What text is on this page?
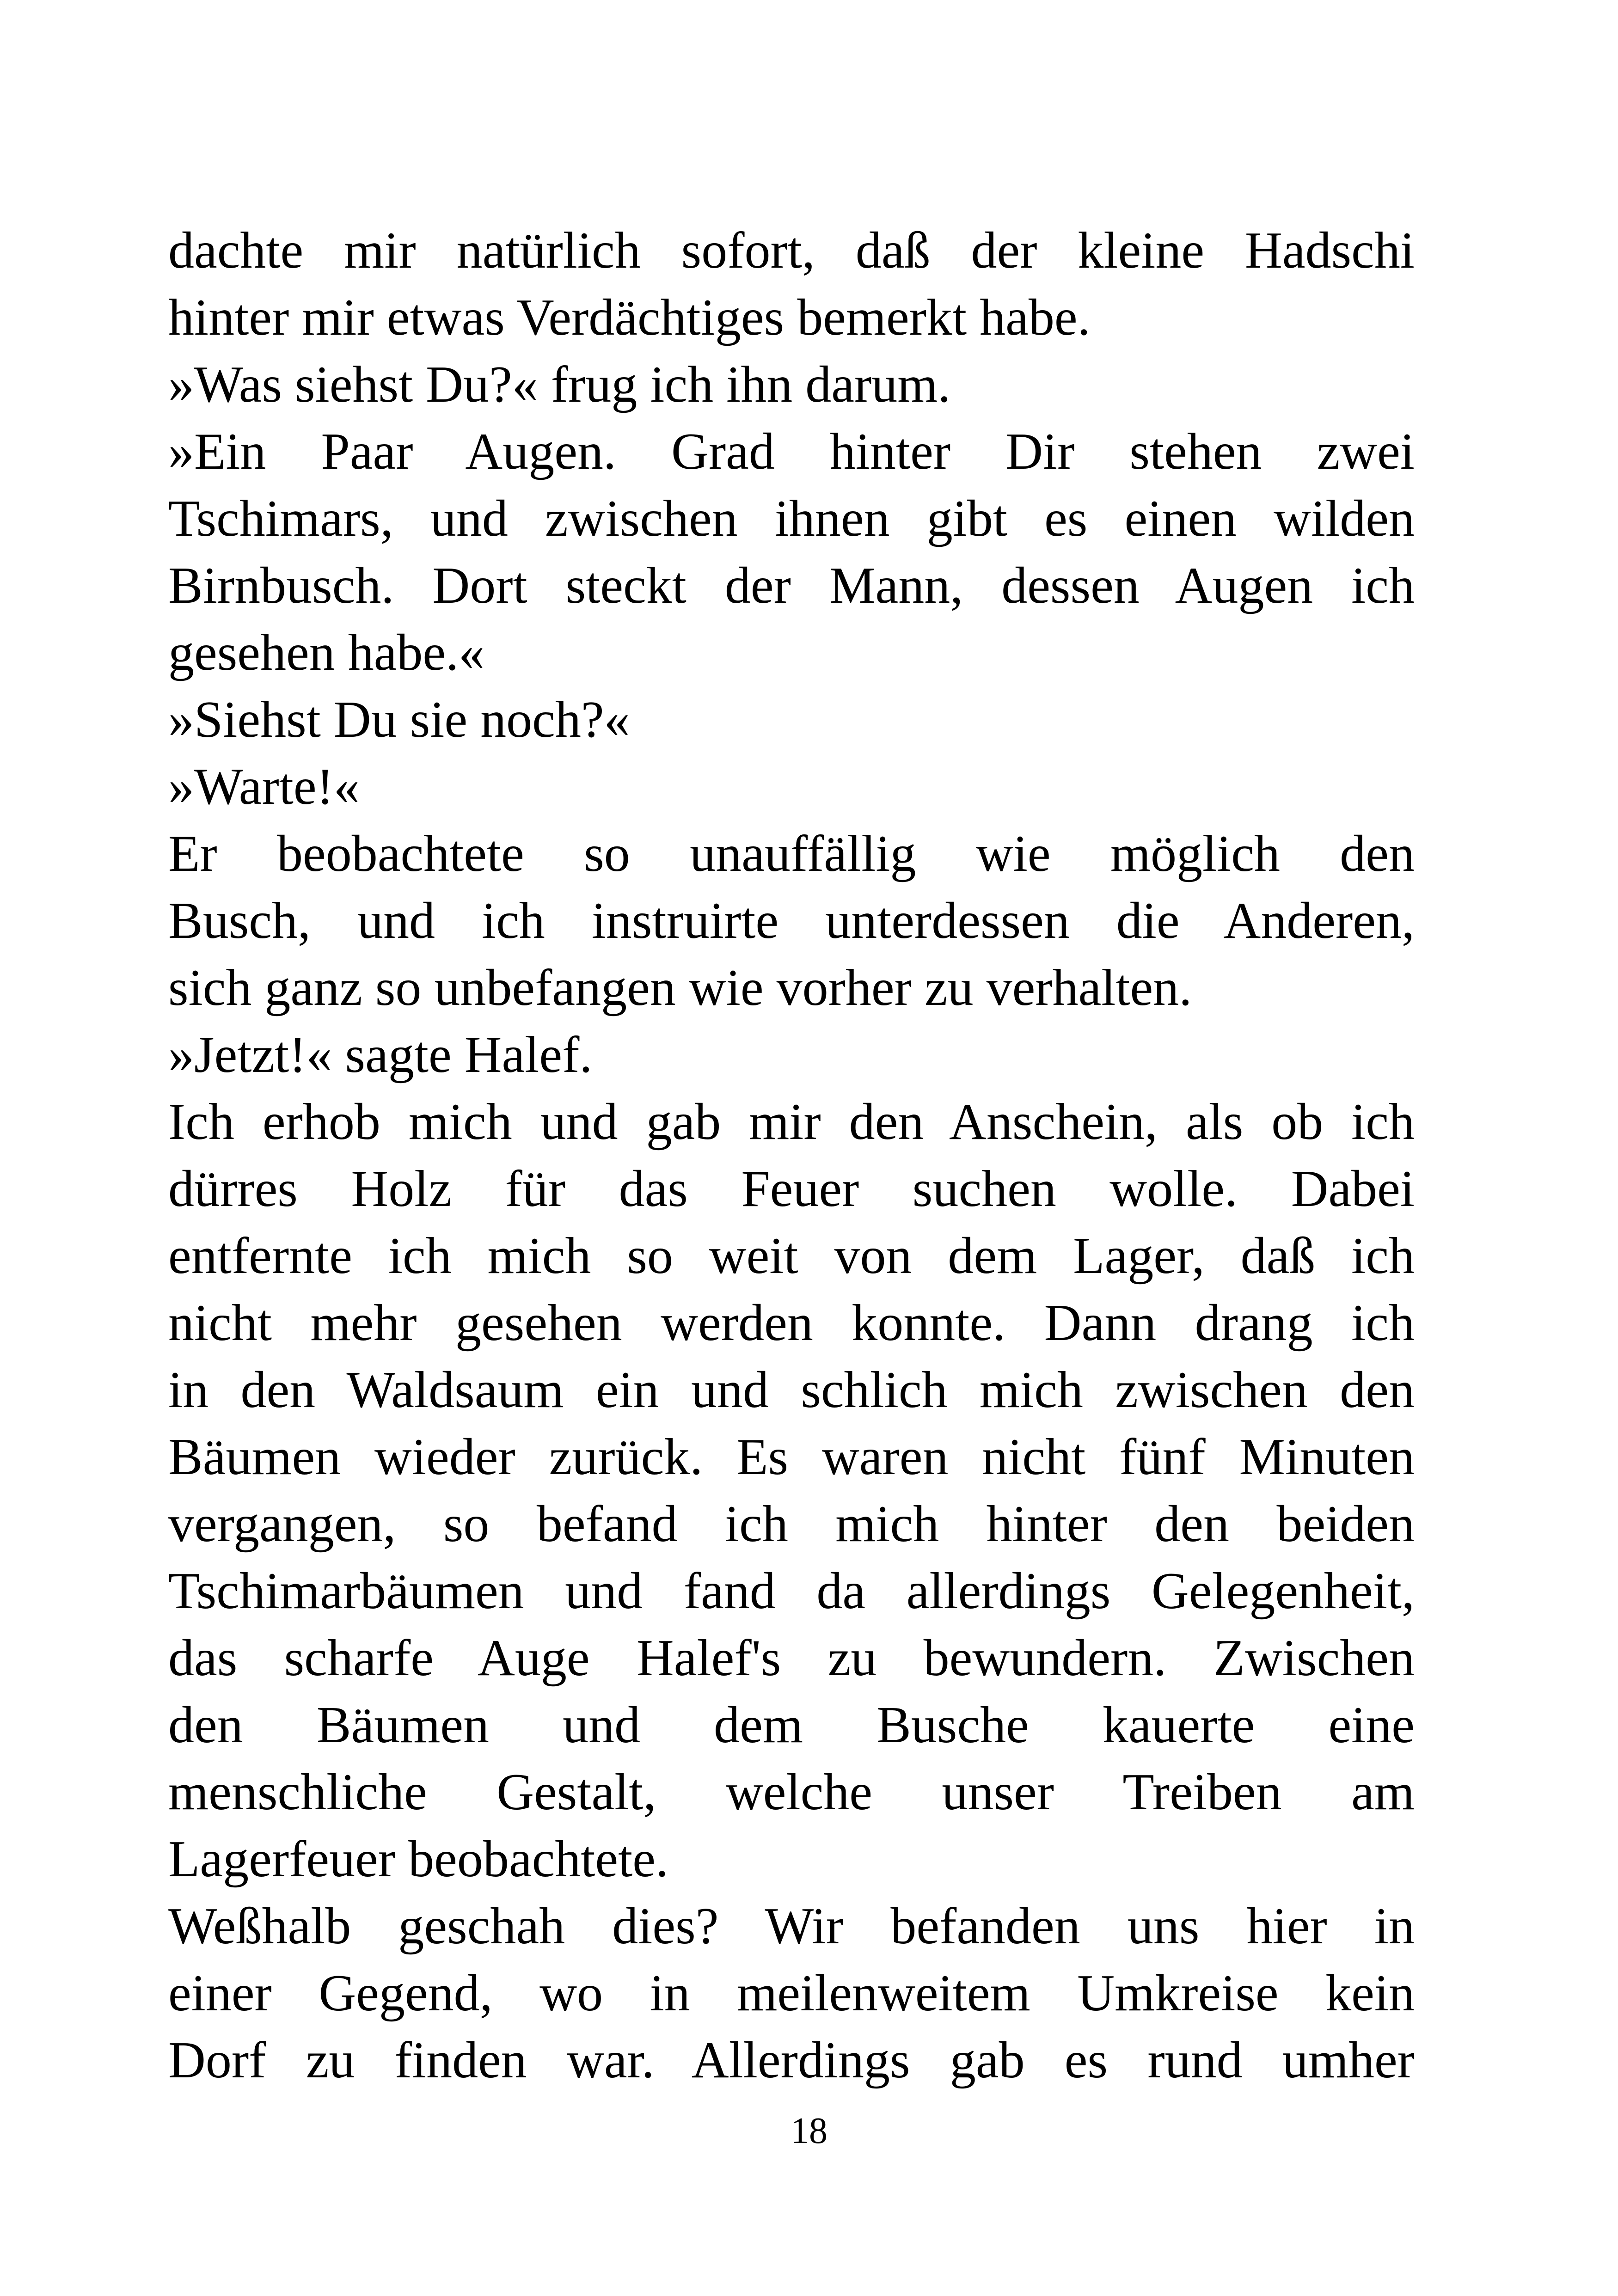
dachte mir natürlich sofort, daß der kleine Hadschi
hinter mir etwas Verdächtiges bemerkt habe.
»Was siehst Du?« frug ich ihn darum.
»Ein Paar Augen. Grad hinter Dir stehen zwei
Tschimars, und zwischen ihnen gibt es einen wilden
Birnbusch. Dort steckt der Mann, dessen Augen ich
gesehen habe.«
»Siehst Du sie noch?«
»Warte!«
Er beobachtete so unauffällig wie möglich den
Busch, und ich instruirte unterdessen die Anderen,
sich ganz so unbefangen wie vorher zu verhalten.
»Jetzt!« sagte Halef.
Ich erhob mich und gab mir den Anschein, als ob ich
dürres Holz für das Feuer suchen wolle. Dabei
entfernte ich mich so weit von dem Lager, daß ich
nicht mehr gesehen werden konnte. Dann drang ich
in den Waldsaum ein und schlich mich zwischen den
Bäumen wieder zurück. Es waren nicht fünf Minuten
vergangen, so befand ich mich hinter den beiden
Tschimarbäumen und fand da allerdings Gelegenheit,
das scharfe Auge Halef's zu bewundern. Zwischen
den Bäumen und dem Busche kauerte eine
menschliche Gestalt, welche unser Treiben am
Lagerfeuer beobachtete.
Weßhalb geschah dies? Wir befanden uns hier in
einer Gegend, wo in meilenweitem Umkreise kein
Dorf zu finden war. Allerdings gab es rund umher
18
